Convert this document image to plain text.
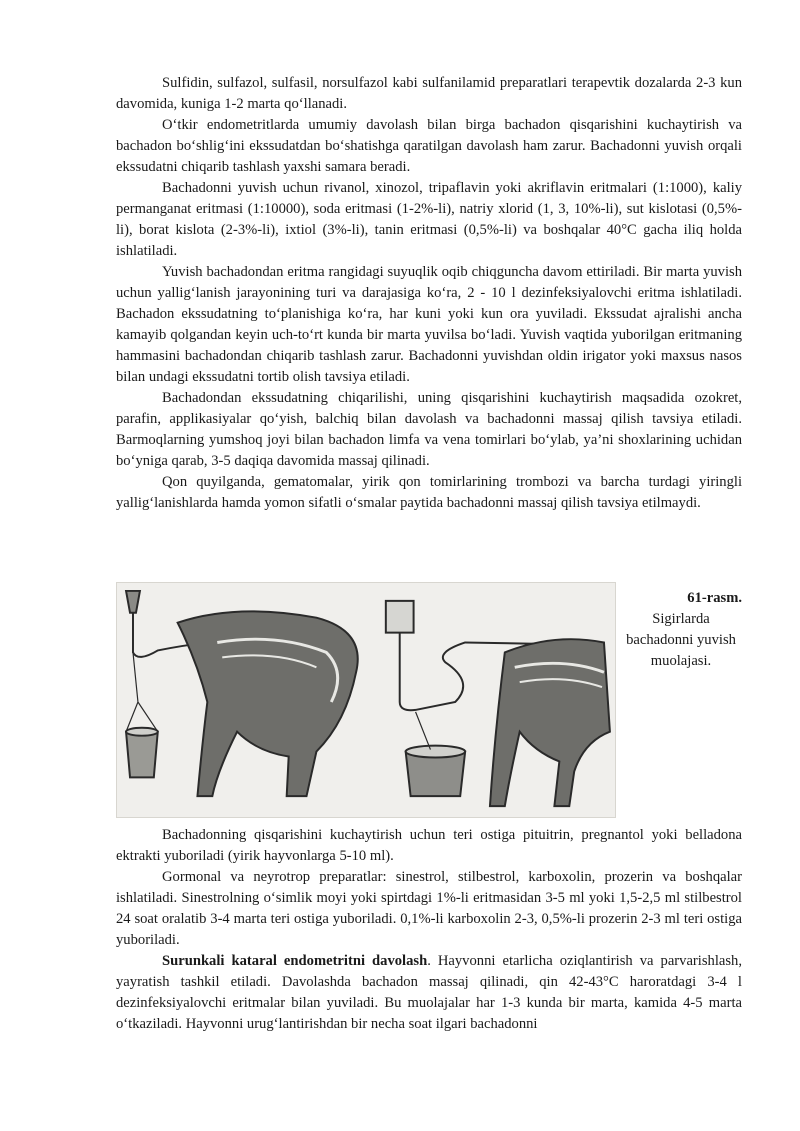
Sulfidin, sulfazol, sulfasil, norsulfazol kabi sulfanilamid preparatlari terapevtik dozalarda 2-3 kun davomida, kuniga 1-2 marta qo‘llanadi.

O‘tkir endometritlarda umumiy davolash bilan birga bachadon qisqarishini kuchaytirish va bachadon bo‘shlig‘ini ekssudatdan bo‘shatishga qaratilgan davolash ham zarur. Bachadonni yuvish orqali ekssudatni chiqarib tashlash yaxshi samara beradi.

Bachadonni yuvish uchun rivanol, xinozol, tripaflavin yoki akriflavin eritmalari (1:1000), kaliy permanganat eritmasi (1:10000), soda eritmasi (1-2%-li), natriy xlorid (1, 3, 10%-li), sut kislotasi (0,5%-li), borat kislota (2-3%-li), ixtiol (3%-li), tanin eritmasi (0,5%-li) va boshqalar 40°C gacha iliq holda ishlatiladi.

Yuvish bachadondan eritma rangidagi suyuqlik oqib chiqguncha davom ettiriladi. Bir marta yuvish uchun yallig‘lanish jarayonining turi va darajasiga ko‘ra, 2 - 10 l dezinfeksiyalovchi eritma ishlatiladi. Bachadon ekssudatning to‘planishiga ko‘ra, har kuni yoki kun ora yuviladi. Ekssudat ajralishi ancha kamayib qolgandan keyin uch-to‘rt kunda bir marta yuvilsa bo‘ladi. Yuvish vaqtida yuborilgan eritmaning hammasini bachadondan chiqarib tashlash zarur. Bachadonni yuvishdan oldin irigator yoki maxsus nasos bilan undagi ekssudatni tortib olish tavsiya etiladi.

Bachadondan ekssudatning chiqarilishi, uning qisqarishini kuchaytirish maqsadida ozokret, parafin, applikasiyalar qo‘yish, balchiq bilan davolash va bachadonni massaj qilish tavsiya etiladi. Barmoqlarning yumshoq joyi bilan bachadon limfa va vena tomirlari bo‘ylab, ya’ni shoxlarining uchidan bo‘yniga qarab, 3-5 daqiqa davomida massaj qilinadi.

Qon quyilganda, gematomalar, yirik qon tomirlarining trombozi va barcha turdagi yiringli yallig‘lanishlarda hamda yomon sifatli o‘smalar paytida bachadonni massaj qilish tavsiya etilmaydi.

61-rasm.
Sigirlarda bachadonni yuvish muolajasi.

Bachadonning qisqarishini kuchaytirish uchun teri ostiga pituitrin, pregnantol yoki belladona ektrakti yuboriladi (yirik hayvonlarga 5-10 ml).

Gormonal va neyrotrop preparatlar: sinestrol, stilbestrol, karboxolin, prozerin va boshqalar ishlatiladi. Sinestrolning o‘simlik moyi yoki spirtdagi 1%-li eritmasidan 3-5 ml yoki 1,5-2,5 ml stilbestrol 24 soat oralatib 3-4 marta teri ostiga yuboriladi. 0,1%-li karboxolin 2-3, 0,5%-li prozerin 2-3 ml teri ostiga yuboriladi.

Surunkali kataral endometritni davolash. Hayvonni etarlicha oziqlantirish va parvarishlash, yayratish tashkil etiladi. Davolashda bachadon massaj qilinadi, qin 42-43°C haroratdagi 3-4 l dezinfeksiyalovchi eritmalar bilan yuviladi. Bu muolajalar har 1-3 kunda bir marta, kamida 4-5 marta o‘tkaziladi. Hayvonni urug‘lantirishdan bir necha soat ilgari bachadonni
